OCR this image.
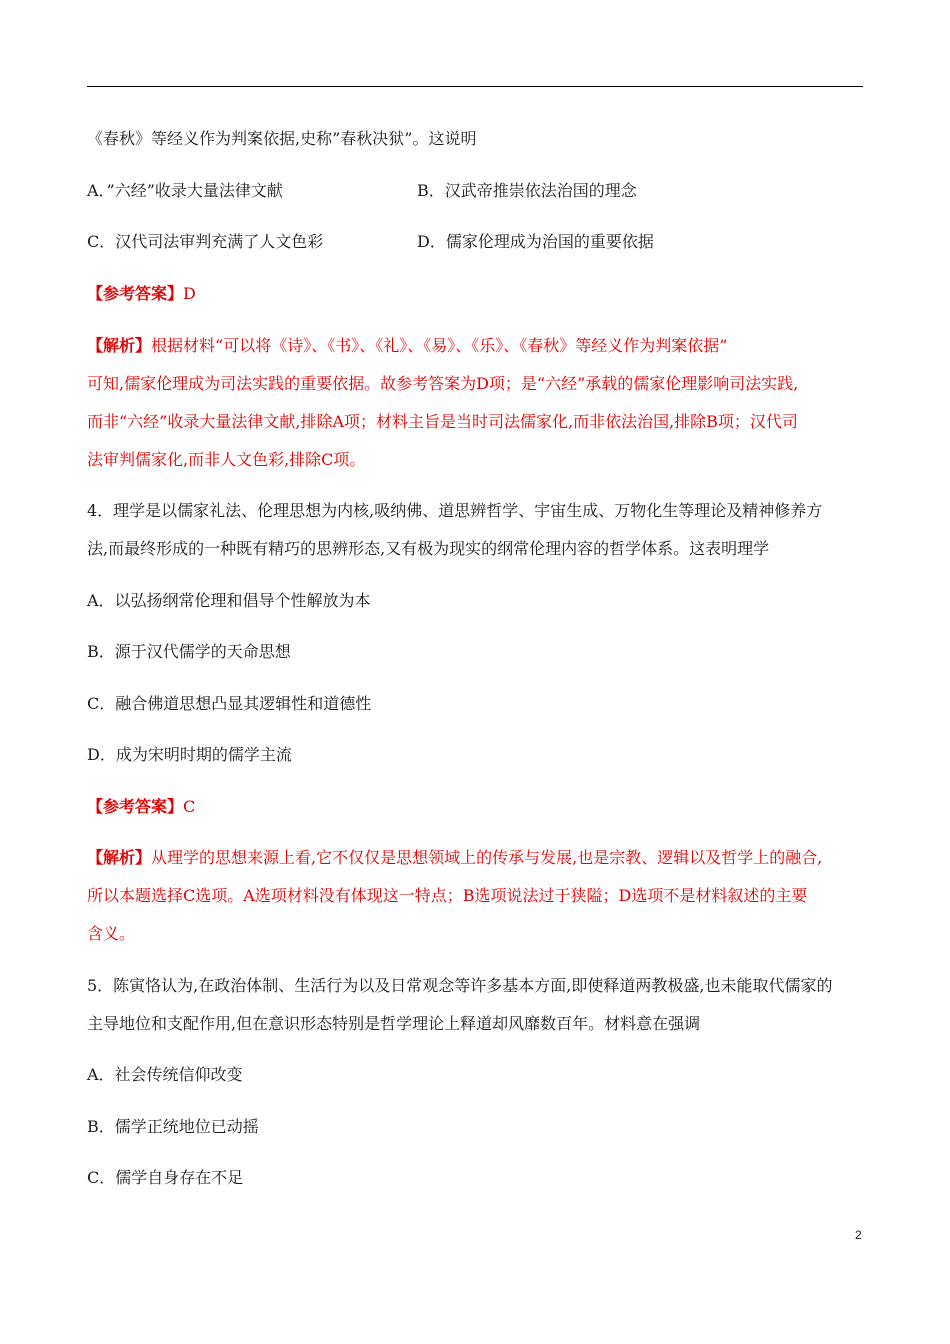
《春秋》等经义作为判案依据,史称”春秋决狱”。这说明
A．”六经”收录大量法律文献	B．汉武帝推崇依法治国的理念
C．汉代司法审判充满了人文色彩	D．儒家伦理成为治国的重要依据
【参考答案】D
【解析】根据材料“可以将《诗》、《书》、《礼》、《易》、《乐》、《春秋》等经义作为判案依据”
可知,儒家伦理成为司法实践的重要依据。故参考答案为D项；是“六经”承载的儒家伦理影响司法实践,
而非“六经”收录大量法律文献,排除A项；材料主旨是当时司法儒家化,而非依法治国,排除B项；汉代司
法审判儒家化,而非人文色彩,排除C项。
4．理学是以儒家礼法、伦理思想为内核,吸纳佛、道思辨哲学、宇宙生成、万物化生等理论及精神修养方
法,而最终形成的一种既有精巧的思辨形态,又有极为现实的纲常伦理内容的哲学体系。这表明理学
A．以弘扬纲常伦理和倡导个性解放为本
B．源于汉代儒学的天命思想
C．融合佛道思想凸显其逻辑性和道德性
D．成为宋明时期的儒学主流
【参考答案】C
【解析】从理学的思想来源上看,它不仅仅是思想领域上的传承与发展,也是宗教、逻辑以及哲学上的融合,
所以本题选择C选项。A选项材料没有体现这一特点；B选项说法过于狭隘；D选项不是材料叙述的主要
含义。
5．陈寅恪认为,在政治体制、生活行为以及日常观念等许多基本方面,即使释道两教极盛,也未能取代儒家的
主导地位和支配作用,但在意识形态特别是哲学理论上释道却风靡数百年。材料意在强调
A．社会传统信仰改变
B．儒学正统地位已动摇
C．儒学自身存在不足
2
